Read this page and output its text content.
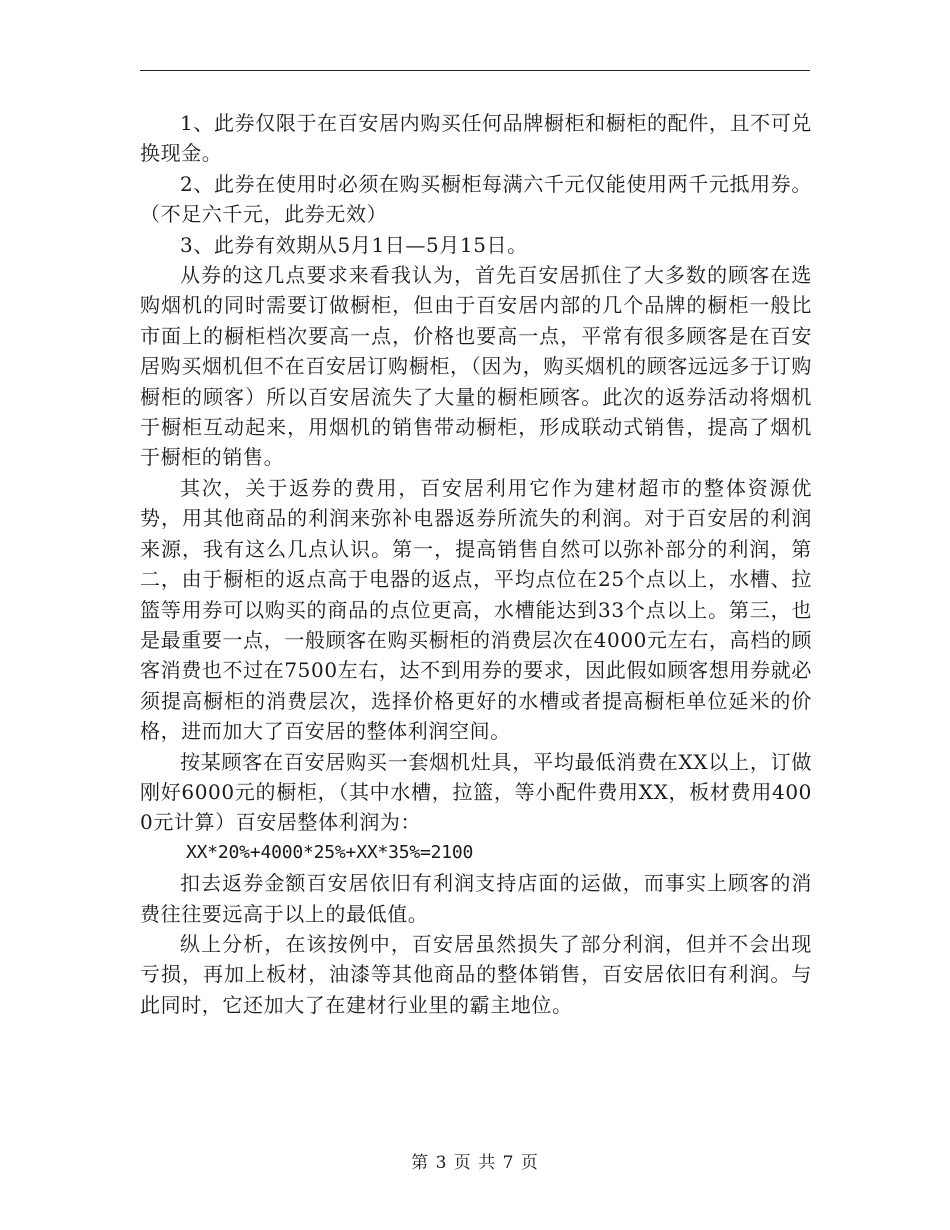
1、此券仅限于在百安居内购买任何品牌橱柜和橱柜的配件，且不可兑换现金。

2、此券在使用时必须在购买橱柜每满六千元仅能使用两千元抵用券。（不足六千元，此券无效）

3、此券有效期从5月1日—5月15日。

从券的这几点要求来看我认为，首先百安居抓住了大多数的顾客在选购烟机的同时需要订做橱柜，但由于百安居内部的几个品牌的橱柜一般比市面上的橱柜档次要高一点，价格也要高一点，平常有很多顾客是在百安居购买烟机但不在百安居订购橱柜，（因为，购买烟机的顾客远远多于订购橱柜的顾客）所以百安居流失了大量的橱柜顾客。此次的返券活动将烟机于橱柜互动起来，用烟机的销售带动橱柜，形成联动式销售，提高了烟机于橱柜的销售。

其次，关于返券的费用，百安居利用它作为建材超市的整体资源优势，用其他商品的利润来弥补电器返券所流失的利润。对于百安居的利润来源，我有这么几点认识。第一，提高销售自然可以弥补部分的利润，第二，由于橱柜的返点高于电器的返点，平均点位在25个点以上，水槽、拉篮等用券可以购买的商品的点位更高，水槽能达到33个点以上。第三，也是最重要一点，一般顾客在购买橱柜的消费层次在4000元左右，高档的顾客消费也不过在7500左右，达不到用券的要求，因此假如顾客想用券就必须提高橱柜的消费层次，选择价格更好的水槽或者提高橱柜单位延米的价格，进而加大了百安居的整体利润空间。

按某顾客在百安居购买一套烟机灶具，平均最低消费在XX以上，订做刚好6000元的橱柜，（其中水槽，拉篮，等小配件费用XX，板材费用4000元计算）百安居整体利润为：

XX*20%+4000*25%+XX*35%=2100

扣去返券金额百安居依旧有利润支持店面的运做，而事实上顾客的消费往往要远高于以上的最低值。

纵上分析，在该按例中，百安居虽然损失了部分利润，但并不会出现亏损，再加上板材，油漆等其他商品的整体销售，百安居依旧有利润。与此同时，它还加大了在建材行业里的霸主地位。

第 3 页 共 7 页
